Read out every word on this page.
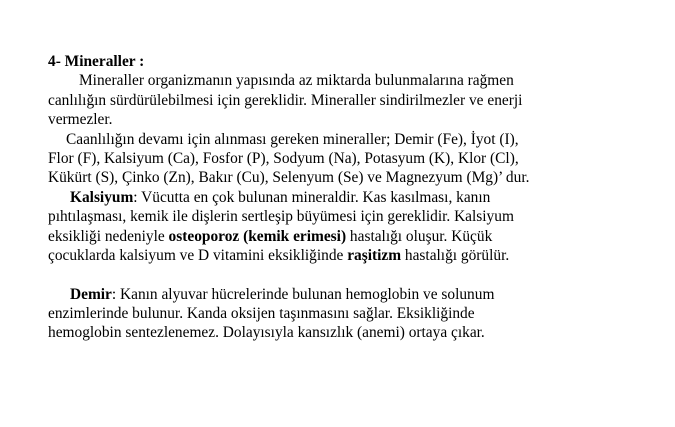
4- Mineraller :
Mineraller organizmanın yapısında az miktarda bulunmalarına rağmen
canlılığın sürdürülebilmesi için gereklidir. Mineraller sindirilmezler ve enerji
vermezler.
Caanlılığın devamı için alınması gereken mineraller; Demir (Fe), İyot (I),
Flor (F), Kalsiyum (Ca), Fosfor (P), Sodyum (Na), Potasyum (K), Klor (Cl),
Kükürt (S), Çinko (Zn), Bakır (Cu), Selenyum (Se) ve Magnezyum (Mg)’ dur.
Kalsiyum: Vücutta en çok bulunan mineraldir. Kas kasılması, kanın
pıhtılaşması, kemik ile dişlerin sertleşip büyümesi için gereklidir. Kalsiyum
eksikliği nedeniyle osteoporoz (kemik erimesi) hastalığı oluşur. Küçük
çocuklarda kalsiyum ve D vitamini eksikliğinde raşitizm hastalığı görülür.
Demir: Kanın alyuvar hücrelerinde bulunan hemoglobin ve solunum
enzimlerinde bulunur. Kanda oksijen taşınmasını sağlar. Eksikliğinde
hemoglobin sentezlenemez. Dolayısıyla kansızlık (anemi) ortaya çıkar.
